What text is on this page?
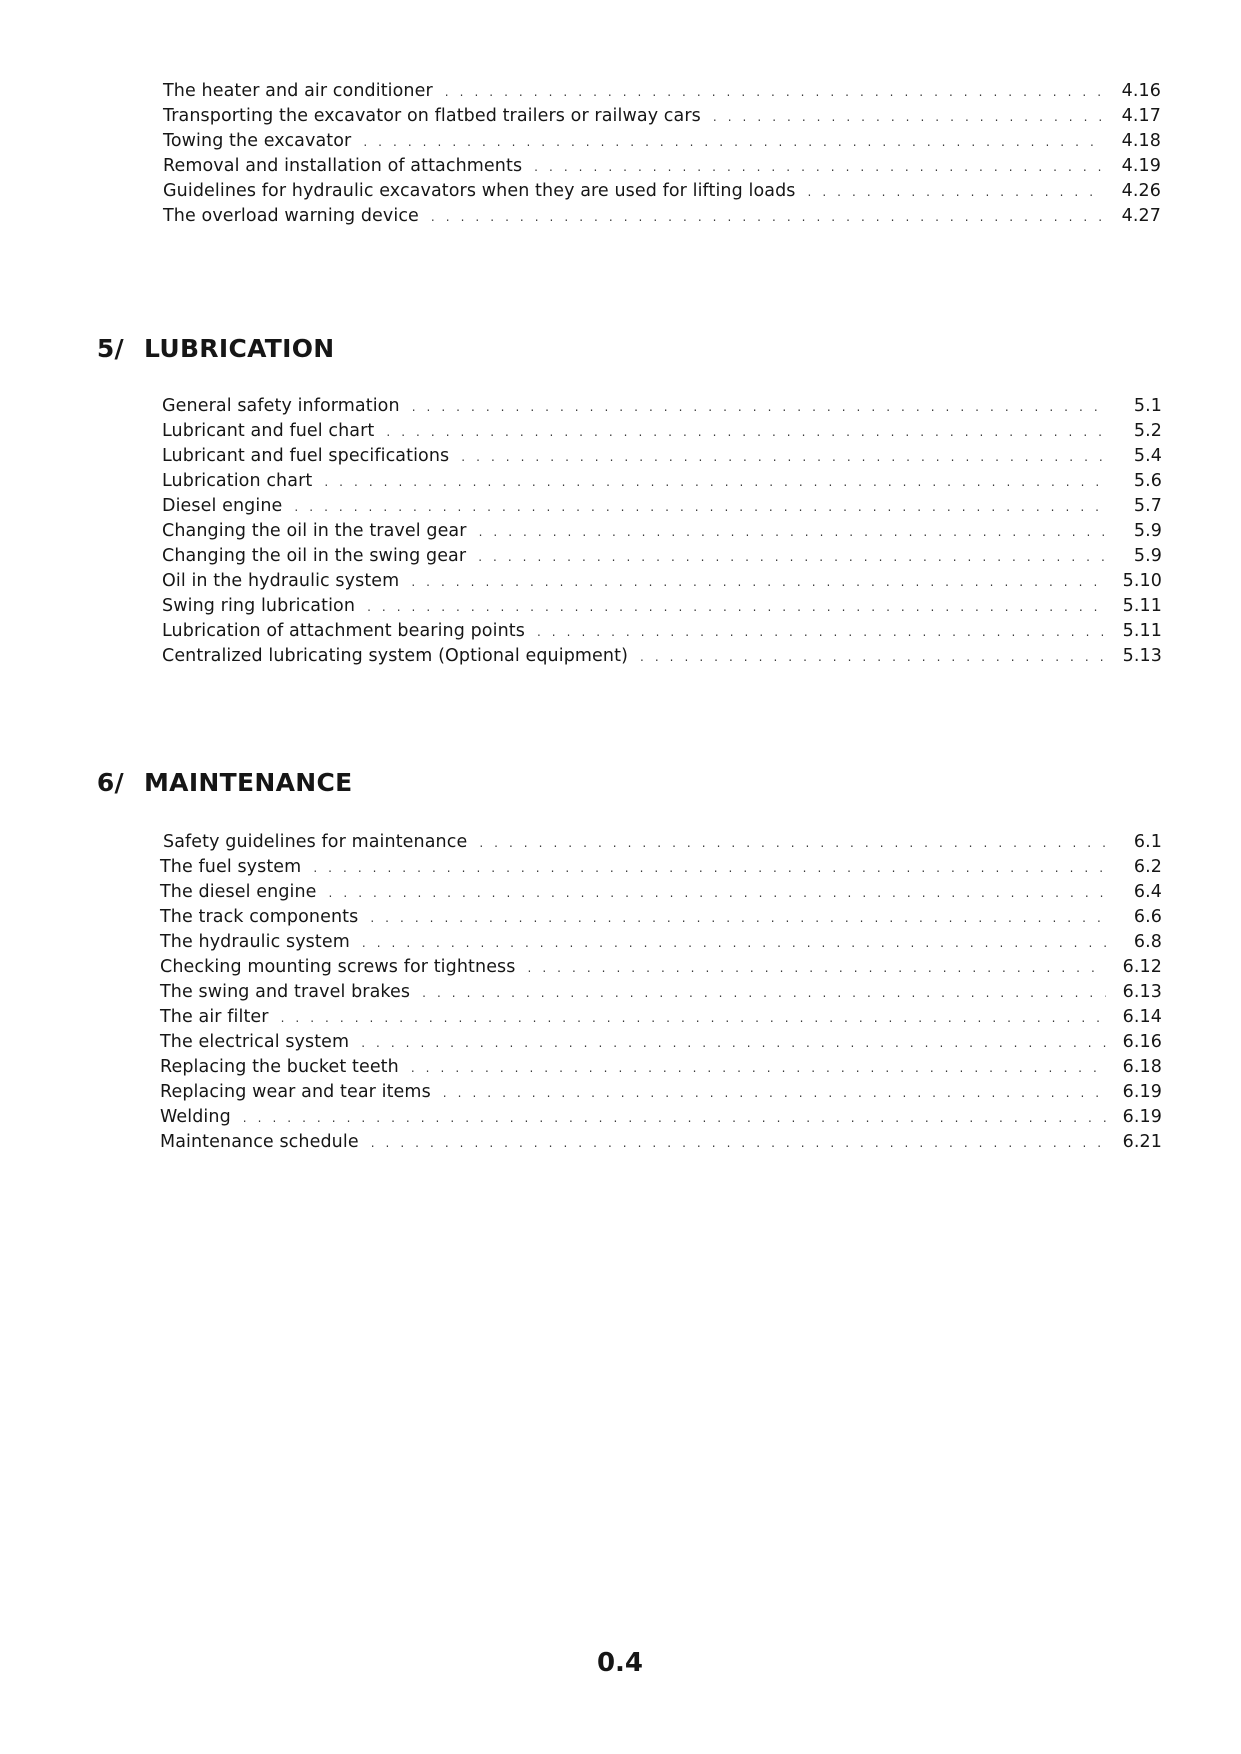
The heater and air conditioner . . .	4.16
Transporting the excavator on flatbed trailers or railway cars . . .	4.17
Towing the excavator . . .	4.18
Removal and installation of attachments . . .	4.19
Guidelines for hydraulic excavators when they are used for lifting loads . . .	4.26
The overload warning device . . .	4.27
5/ LUBRICATION
General safety information . . .	5.1
Lubricant and fuel chart . . .	5.2
Lubricant and fuel specifications . . .	5.4
Lubrication chart . . .	5.6
Diesel engine . . .	5.7
Changing the oil in the travel gear . . .	5.9
Changing the oil in the swing gear . . .	5.9
Oil in the hydraulic system . . .	5.10
Swing ring lubrication . . .	5.11
Lubrication of attachment bearing points . . .	5.11
Centralized lubricating system (Optional equipment) . . .	5.13
6/ MAINTENANCE
Safety guidelines for maintenance . . .	6.1
The fuel system . . .	6.2
The diesel engine . . .	6.4
The track components . . .	6.6
The hydraulic system . . .	6.8
Checking mounting screws for tightness . . .	6.12
The swing and travel brakes . . .	6.13
The air filter . . .	6.14
The electrical system . . .	6.16
Replacing the bucket teeth . . .	6.18
Replacing wear and tear items . . .	6.19
Welding . . .	6.19
Maintenance schedule . . .	6.21
0.4
